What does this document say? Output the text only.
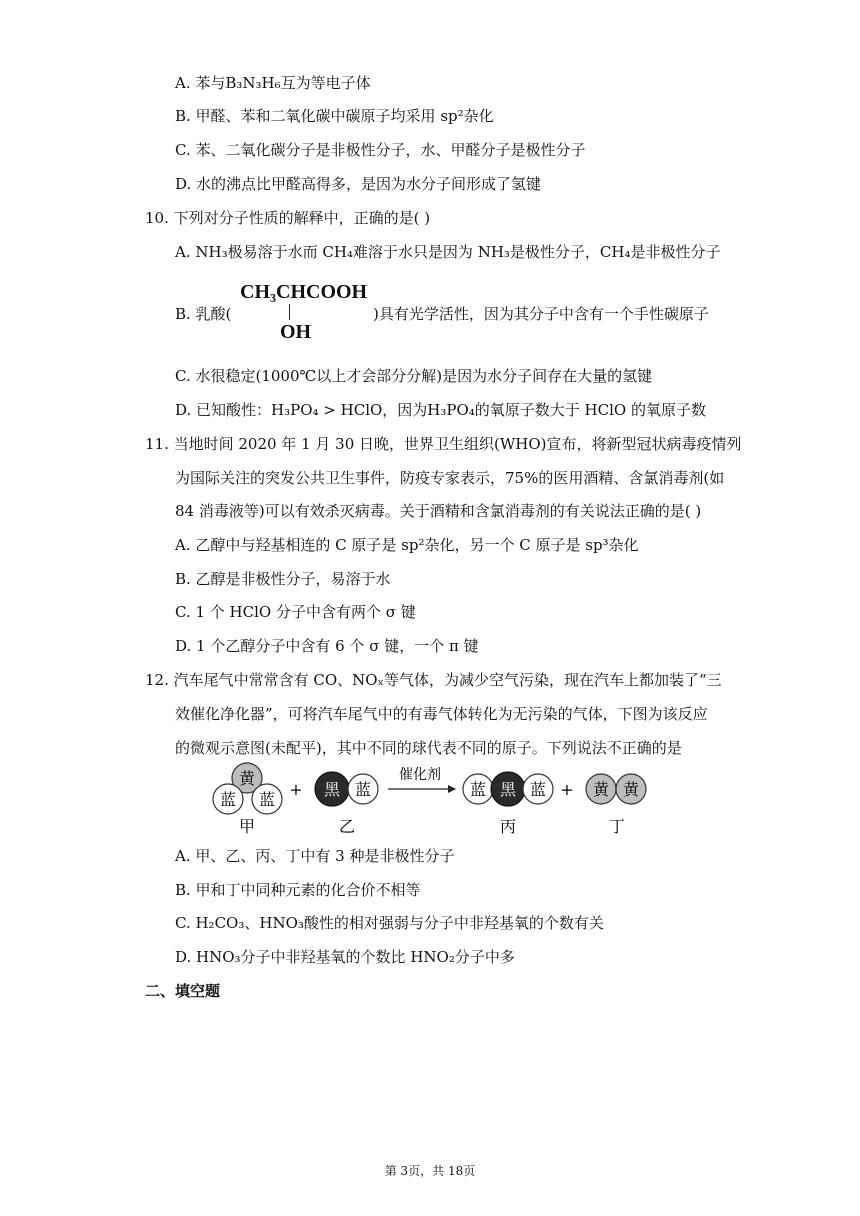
A. 苯与B₃N₃H₆互为等电子体
B. 甲醛、苯和二氧化碳中碳原子均采用 sp²杂化
C. 苯、二氧化碳分子是非极性分子，水、甲醛分子是极性分子
D. 水的沸点比甲醛高得多，是因为水分子间形成了氢键
10. 下列对分子性质的解释中，正确的是( )
A. NH₃极易溶于水而 CH₄难溶于水只是因为 NH₃是极性分子，CH₄是非极性分子
B. 乳酸(
CH₃CHCOOH
OH
)具有光学活性，因为其分子中含有一个手性碳原子
C. 水很稳定(1000℃以上才会部分分解)是因为水分子间存在大量的氢键
D. 已知酸性：H₃PO₄ > HClO，因为H₃PO₄的氧原子数大于 HClO 的氧原子数
11. 当地时间 2020 年 1 月 30 日晚，世界卫生组织(WHO)宣布，将新型冠状病毒疫情列
为国际关注的突发公共卫生事件，防疫专家表示，75%的医用酒精、含氯消毒剂(如
84 消毒液等)可以有效杀灭病毒。关于酒精和含氯消毒剂的有关说法正确的是( )
A. 乙醇中与羟基相连的 C 原子是 sp²杂化，另一个 C 原子是 sp³杂化
B. 乙醇是非极性分子，易溶于水
C. 1 个 HClO 分子中含有两个 σ 键
D. 1 个乙醇分子中含有 6 个 σ 键，一个 π 键
12. 汽车尾气中常常含有 CO、NOₓ等气体，为减少空气污染，现在汽车上都加装了“三
效催化净化器”，可将汽车尾气中的有毒气体转化为无污染的气体，下图为该反应
的微观示意图(未配平)，其中不同的球代表不同的原子。下列说法不正确的是
黄
蓝 蓝
+ 黑 蓝
催化剂
蓝 黑 蓝 + 黄 黄
甲	乙	丙	丁
A. 甲、乙、丙、丁中有 3 种是非极性分子
B. 甲和丁中同种元素的化合价不相等
C. H₂CO₃、HNO₃酸性的相对强弱与分子中非羟基氧的个数有关
D. HNO₃分子中非羟基氧的个数比 HNO₂分子中多
二、填空题
第 3页，共 18页
